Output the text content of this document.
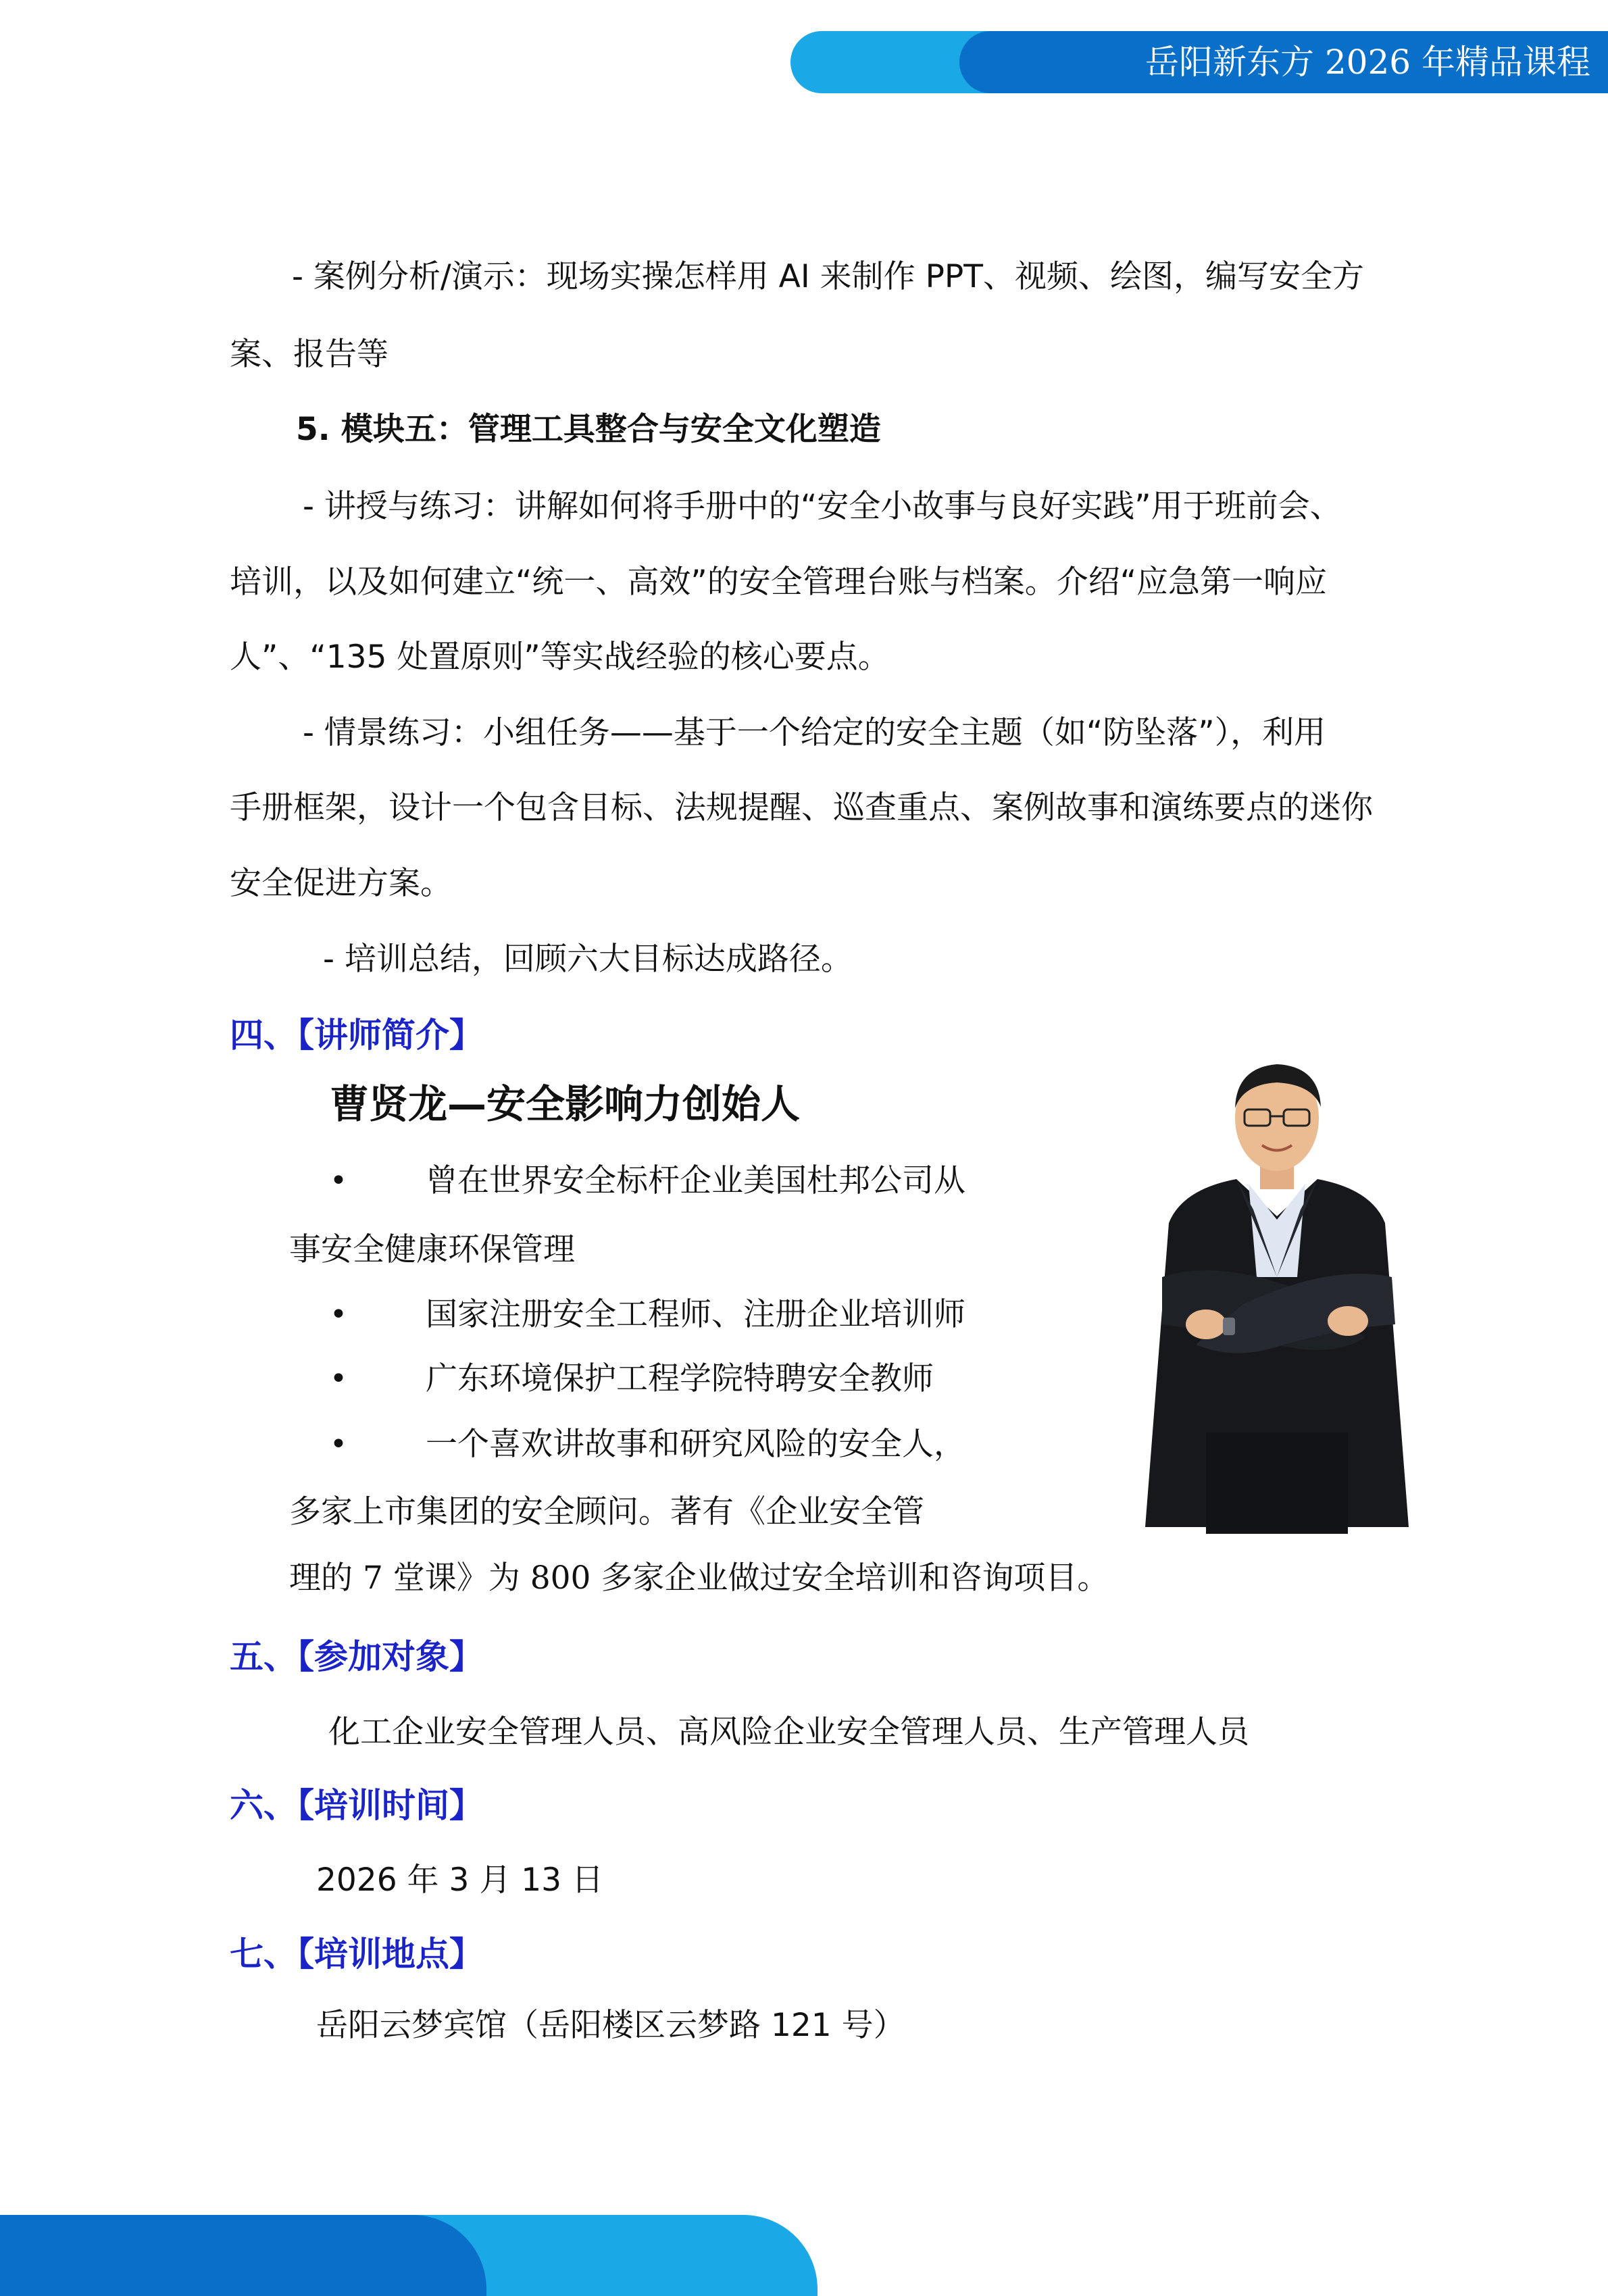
岳阳新东方 2026 年精品课程
- 案例分析/演示：现场实操怎样用 AI 来制作 PPT、视频、绘图，编写安全方
案、报告等
5. 模块五：管理工具整合与安全文化塑造
- 讲授与练习：讲解如何将手册中的“安全小故事与良好实践”用于班前会、
培训，以及如何建立“统一、高效”的安全管理台账与档案。介绍“应急第一响应
人”、“135 处置原则”等实战经验的核心要点。
- 情景练习：小组任务——基于一个给定的安全主题（如“防坠落”），利用
手册框架，设计一个包含目标、法规提醒、巡查重点、案例故事和演练要点的迷你
安全促进方案。
- 培训总结，回顾六大目标达成路径。
四、【讲师简介】
曹贤龙—安全影响力创始人
• 曾在世界安全标杆企业美国杜邦公司从
事安全健康环保管理
• 国家注册安全工程师、注册企业培训师
• 广东环境保护工程学院特聘安全教师
• 一个喜欢讲故事和研究风险的安全人，
多家上市集团的安全顾问。著有《企业安全管
理的 7 堂课》为 800 多家企业做过安全培训和咨询项目。
五、【参加对象】
化工企业安全管理人员、高风险企业安全管理人员、生产管理人员
六、【培训时间】
2026 年 3 月 13 日
七、【培训地点】
岳阳云梦宾馆（岳阳楼区云梦路 121 号）
